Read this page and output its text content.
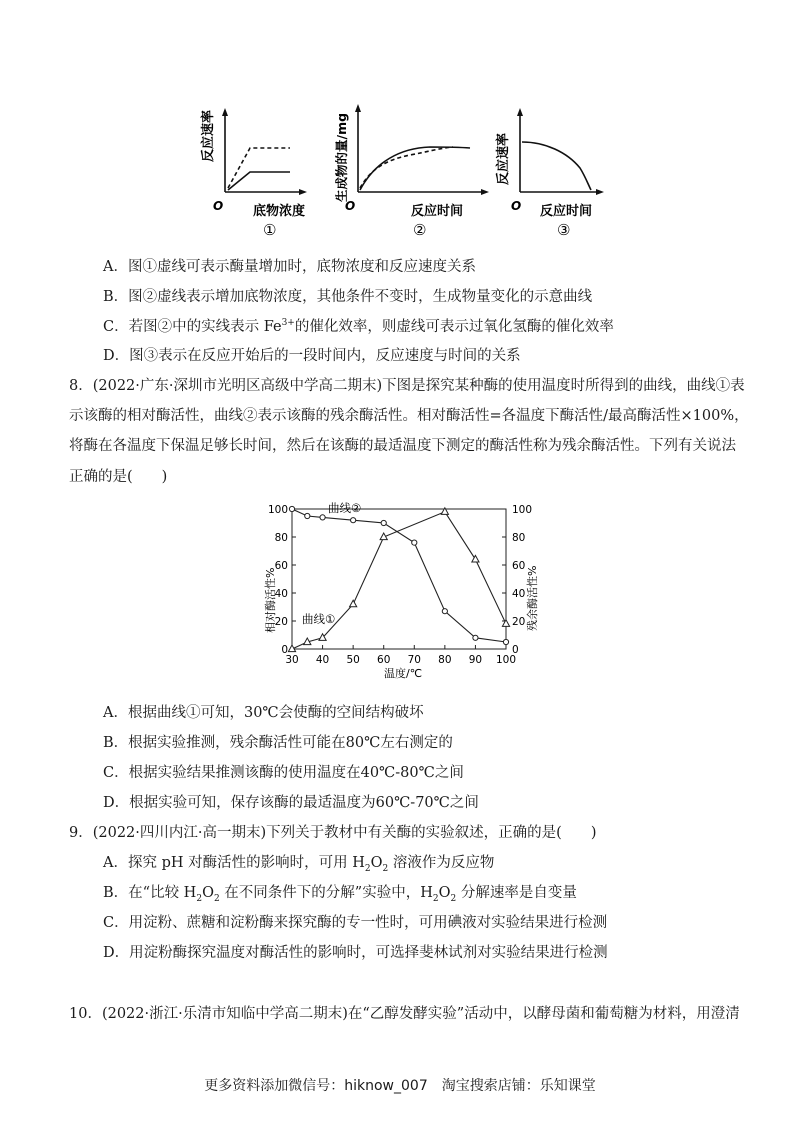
反应速率
O 底物浓度
①
生成物的量/mg
O	反应时间
②
反应速率
O 反应时间
③
A．图①虚线可表示酶量增加时，底物浓度和反应速度关系
B．图②虚线表示增加底物浓度，其他条件不变时，生成物量变化的示意曲线
C．若图②中的实线表示 $Fe^{3+}$的催化效率，则虚线可表示过氧化氢酶的催化效率
D．图③表示在反应开始后的一段时间内，反应速度与时间的关系
8．(2022·广东·深圳市光明区高级中学高二期末)下图是探究某种酶的使用温度时所得到的曲线，曲线①表
示该酶的相对酶活性，曲线②表示该酶的残余酶活性。相对酶活性=各温度下酶活性/最高酶活性×100%，
将酶在各温度下保温足够长时间，然后在该酶的最适温度下测定的酶活性称为残余酶活性。下列有关说法
正确的是(　　)
30 40 50 60 70 80 90 100
0	0
20	20
40	40
60	60
80	80
100	100
相对酶活性%	残余酶活性%
温度/℃
曲线②
曲线①
A．根据曲线①可知，30℃会使酶的空间结构破坏
B．根据实验推测，残余酶活性可能在80℃左右测定的
C．根据实验结果推测该酶的使用温度在40℃-80℃之间
D．根据实验可知，保存该酶的最适温度为60℃-70℃之间
9．(2022·四川内江·高一期末)下列关于教材中有关酶的实验叙述，正确的是(　　)
A．探究 pH 对酶活性的影响时，可用 $H_2O_2$ 溶液作为反应物
B．在“比较 $H_2O_2$ 在不同条件下的分解”实验中，$H_2O_2$ 分解速率是自变量
C．用淀粉、蔗糖和淀粉酶来探究酶的专一性时，可用碘液对实验结果进行检测
D．用淀粉酶探究温度对酶活性的影响时，可选择斐林试剂对实验结果进行检测
10．(2022·浙江·乐清市知临中学高二期末)在“乙醇发酵实验”活动中，以酵母菌和葡萄糖为材料，用澄清
更多资料添加微信号：hiknow_007　淘宝搜索店铺：乐知课堂
